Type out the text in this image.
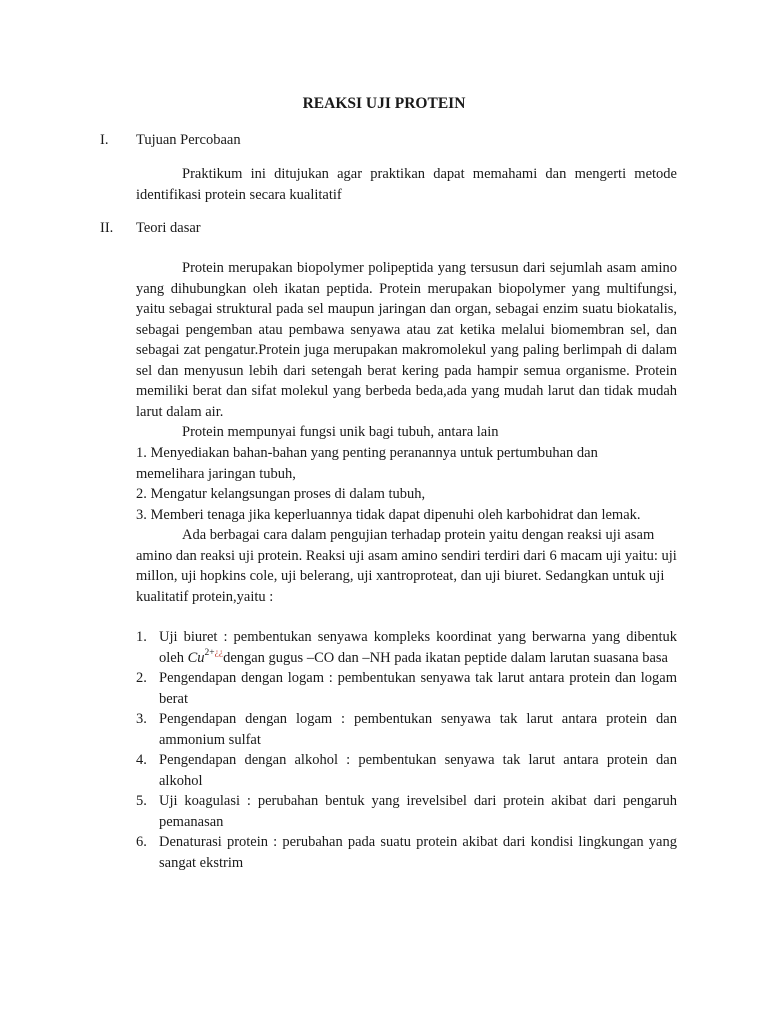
REAKSI UJI PROTEIN
I. Tujuan Percobaan

Praktikum ini ditujukan agar praktikan dapat memahami dan mengerti metode identifikasi protein secara kualitatif

II. Teori dasar

Protein merupakan biopolymer polipeptida yang tersusun dari sejumlah asam amino yang dihubungkan oleh ikatan peptida. Protein merupakan biopolymer yang multifungsi, yaitu sebagai struktural pada sel maupun jaringan dan organ, sebagai enzim suatu biokatalis, sebagai pengemban atau pembawa senyawa atau zat ketika melalui biomembran sel, dan sebagai zat pengatur.Protein juga merupakan makromolekul yang paling berlimpah di dalam sel dan menyusun lebih dari setengah berat kering pada hampir semua organisme. Protein memiliki berat dan sifat molekul yang berbeda beda,ada yang mudah larut dan tidak mudah larut dalam air.

Protein mempunyai fungsi unik bagi tubuh, antara lain

1. Menyediakan bahan-bahan yang penting peranannya untuk pertumbuhan dan
memelihara jaringan tubuh,
2. Mengatur kelangsungan proses di dalam tubuh,
3. Memberi tenaga jika keperluannya tidak dapat dipenuhi oleh karbohidrat dan lemak.

Ada berbagai cara dalam pengujian terhadap protein yaitu dengan reaksi uji asam amino dan reaksi uji protein. Reaksi uji asam amino sendiri terdiri dari 6 macam uji yaitu: uji millon, uji hopkins cole, uji belerang, uji xantroproteat, dan uji biuret. Sedangkan untuk uji kualitatif protein,yaitu :

1. Uji biuret : pembentukan senyawa kompleks koordinat yang berwarna yang dibentuk oleh $Cu^{2+¿¿}dengan$ gugus –CO dan –NH pada ikatan peptide dalam larutan suasana basa
2. Pengendapan dengan logam : pembentukan senyawa tak larut antara protein dan logam berat
3. Pengendapan dengan logam : pembentukan senyawa tak larut antara protein dan ammonium sulfat
4. Pengendapan dengan alkohol : pembentukan senyawa tak larut antara protein dan alkohol
5. Uji koagulasi : perubahan bentuk yang irevelsibel dari protein akibat dari pengaruh pemanasan
6. Denaturasi protein : perubahan pada suatu protein akibat dari kondisi lingkungan yang sangat ekstrim
